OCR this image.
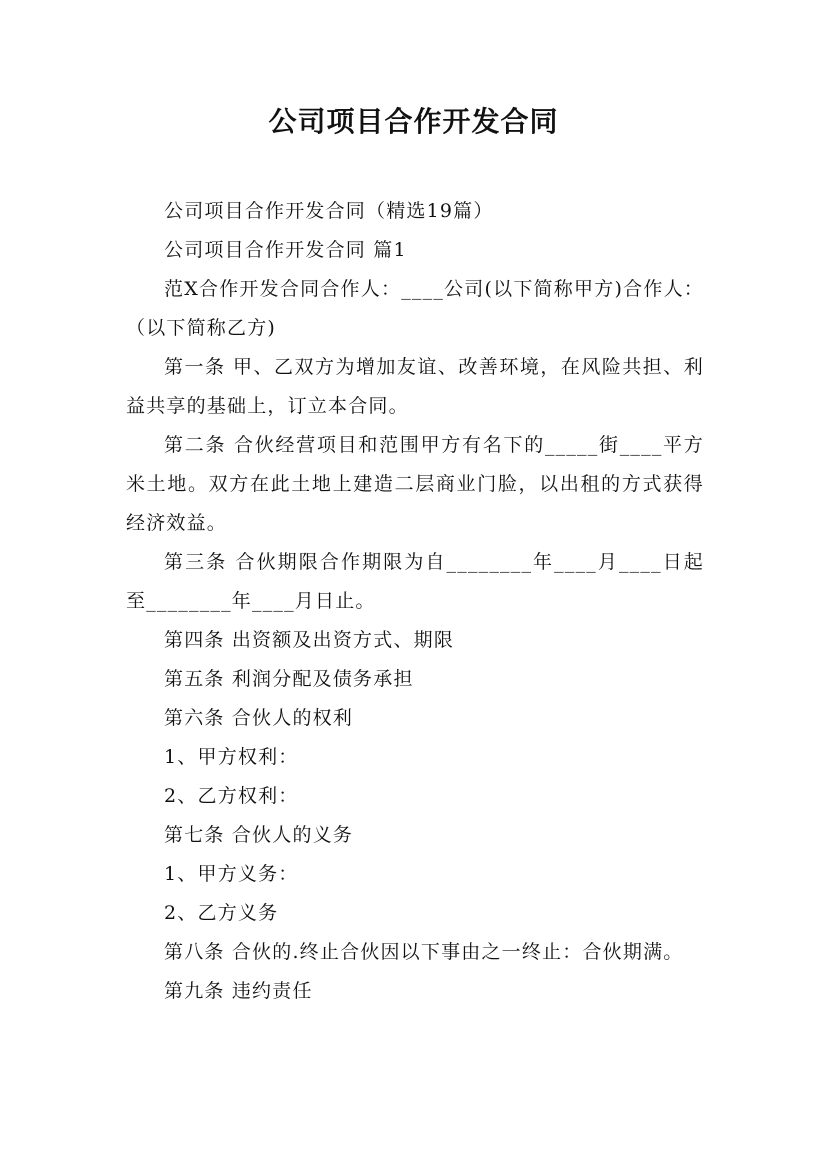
公司项目合作开发合同

公司项目合作开发合同（精选19篇）

公司项目合作开发合同 篇1

范X合作开发合同合作人：____公司(以下简称甲方)合作人：（以下简称乙方)

第一条 甲、乙双方为增加友谊、改善环境，在风险共担、利益共享的基础上，订立本合同。

第二条 合伙经营项目和范围甲方有名下的_____街____平方米土地。双方在此土地上建造二层商业门脸，以出租的方式获得经济效益。

第三条 合伙期限合作期限为自________年____月____日起至________年____月日止。

第四条 出资额及出资方式、期限

第五条 利润分配及债务承担

第六条 合伙人的权利

1、甲方权利：

2、乙方权利：

第七条 合伙人的义务

1、甲方义务：

2、乙方义务

第八条 合伙的.终止合伙因以下事由之一终止：合伙期满。

第九条 违约责任
